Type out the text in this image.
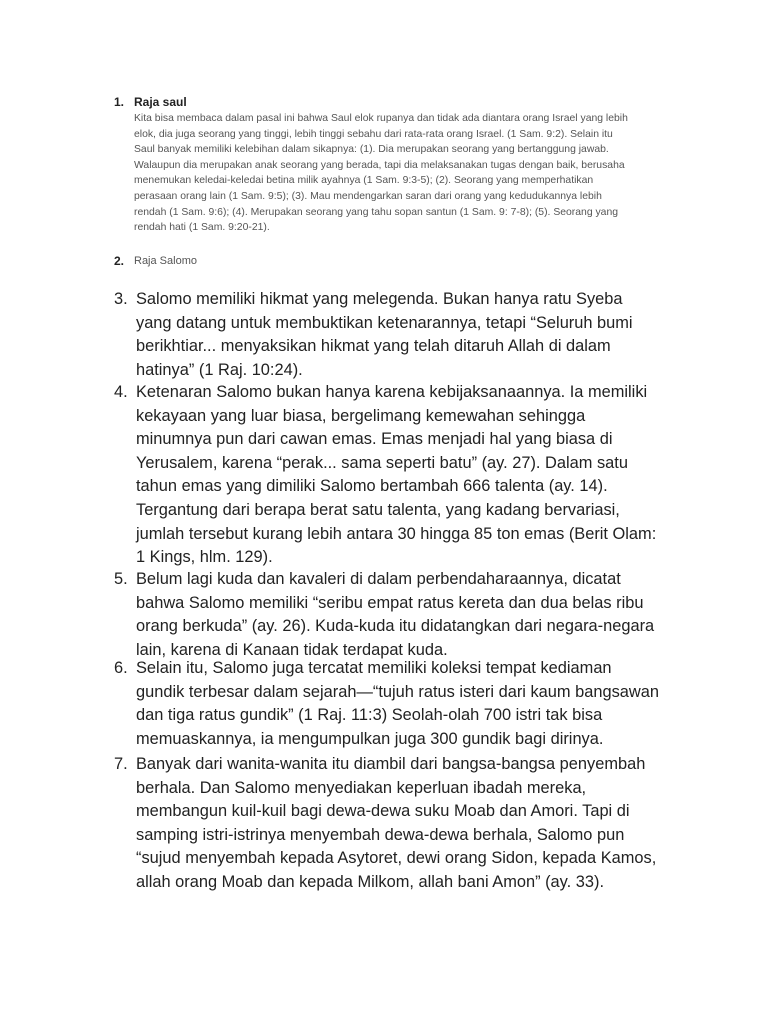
1. Raja saul
Kita bisa membaca dalam pasal ini bahwa Saul elok rupanya dan tidak ada diantara orang Israel yang lebih
elok, dia juga seorang yang tinggi, lebih tinggi sebahu dari rata-rata orang Israel. (1 Sam. 9:2). Selain itu
Saul banyak memiliki kelebihan dalam sikapnya: (1). Dia merupakan seorang yang bertanggung jawab.
Walaupun dia merupakan anak seorang yang berada, tapi dia melaksanakan tugas dengan baik, berusaha
menemukan keledai-keledai betina milik ayahnya (1 Sam. 9:3-5); (2). Seorang yang memperhatikan
perasaan orang lain (1 Sam. 9:5); (3). Mau mendengarkan saran dari orang yang kedudukannya lebih
rendah (1 Sam. 9:6); (4). Merupakan seorang yang tahu sopan santun (1 Sam. 9: 7-8); (5). Seorang yang
rendah hati (1 Sam. 9:20-21).
2. Raja Salomo
3. Salomo memiliki hikmat yang melegenda. Bukan hanya ratu Syeba
yang datang untuk membuktikan ketenarannya, tetapi “Seluruh bumi
berikhtiar... menyaksikan hikmat yang telah ditaruh Allah di dalam
hatinya” (1 Raj. 10:24).
4. Ketenaran Salomo bukan hanya karena kebijaksanaannya. Ia memiliki
kekayaan yang luar biasa, bergelimang kemewahan sehingga
minumnya pun dari cawan emas. Emas menjadi hal yang biasa di
Yerusalem, karena “perak... sama seperti batu” (ay. 27). Dalam satu
tahun emas yang dimiliki Salomo bertambah 666 talenta (ay. 14).
Tergantung dari berapa berat satu talenta, yang kadang bervariasi,
jumlah tersebut kurang lebih antara 30 hingga 85 ton emas (Berit Olam:
1 Kings, hlm. 129).
5. Belum lagi kuda dan kavaleri di dalam perbendaharaannya, dicatat
bahwa Salomo memiliki “seribu empat ratus kereta dan dua belas ribu
orang berkuda” (ay. 26). Kuda-kuda itu didatangkan dari negara-negara
lain, karena di Kanaan tidak terdapat kuda.
6. Selain itu, Salomo juga tercatat memiliki koleksi tempat kediaman
gundik terbesar dalam sejarah—“tujuh ratus isteri dari kaum bangsawan
dan tiga ratus gundik” (1 Raj. 11:3) Seolah-olah 700 istri tak bisa
memuaskannya, ia mengumpulkan juga 300 gundik bagi dirinya.
7. Banyak dari wanita-wanita itu diambil dari bangsa-bangsa penyembah
berhala. Dan Salomo menyediakan keperluan ibadah mereka,
membangun kuil-kuil bagi dewa-dewa suku Moab dan Amori. Tapi di
samping istri-istrinya menyembah dewa-dewa berhala, Salomo pun
“sujud menyembah kepada Asytoret, dewi orang Sidon, kepada Kamos,
allah orang Moab dan kepada Milkom, allah bani Amon” (ay. 33).
